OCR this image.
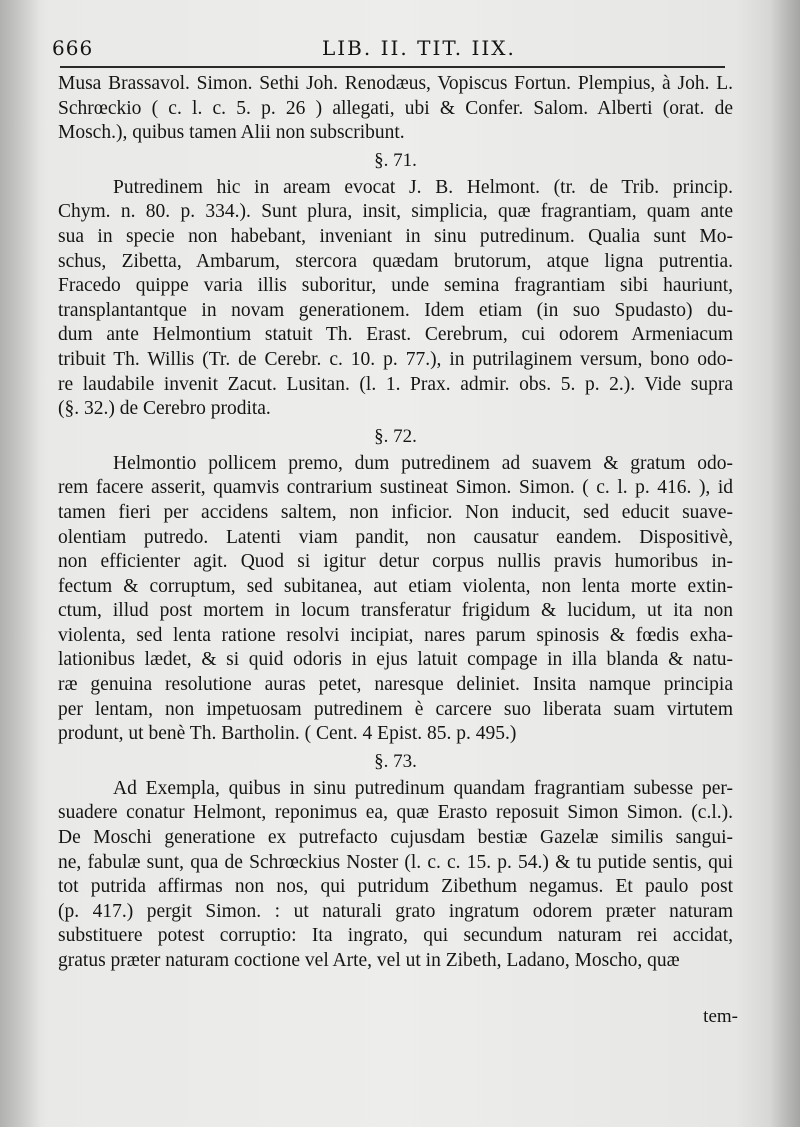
666	LIB. II. TIT. IIX.
Musa Brassavol. Simon. Sethi Joh. Renodæus, Vopiscus Fortun. Plempius, à Joh. L.
Schrœckio ( c. l. c. 5. p. 26 ) allegati, ubi & Confer. Salom. Alberti (orat. de
Mosch.), quibus tamen Alii non subscribunt.
§. 71.
Putredinem hic in aream evocat J. B. Helmont. (tr. de Trib. princip.
Chym. n. 80. p. 334.). Sunt plura, insit, simplicia, quæ fragrantiam, quam ante
sua in specie non habebant, inveniant in sinu putredinum. Qualia sunt Mo-
schus, Zibetta, Ambarum, stercora quædam brutorum, atque ligna putrentia.
Fracedo quippe varia illis suboritur, unde semina fragrantiam sibi hauriunt,
transplantantque in novam generationem. Idem etiam (in suo Spudasto) du-
dum ante Helmontium statuit Th. Erast. Cerebrum, cui odorem Armeniacum
tribuit Th. Willis (Tr. de Cerebr. c. 10. p. 77.), in putrilaginem versum, bono odo-
re laudabile invenit Zacut. Lusitan. (l. 1. Prax. admir. obs. 5. p. 2.). Vide supra
(§. 32.) de Cerebro prodita.
§. 72.
Helmontio pollicem premo, dum putredinem ad suavem & gratum odo-
rem facere asserit, quamvis contrarium sustineat Simon. Simon. ( c. l. p. 416. ), id
tamen fieri per accidens saltem, non inficior. Non inducit, sed educit suave-
olentiam putredo. Latenti viam pandit, non causatur eandem. Dispositivè,
non efficienter agit. Quod si igitur detur corpus nullis pravis humoribus in-
fectum & corruptum, sed subitanea, aut etiam violenta, non lenta morte extin-
ctum, illud post mortem in locum transferatur frigidum & lucidum, ut ita non
violenta, sed lenta ratione resolvi incipiat, nares parum spinosis & fœdis exha-
lationibus lædet, & si quid odoris in ejus latuit compage in illa blanda & natu-
ræ genuina resolutione auras petet, naresque deliniet. Insita namque principia
per lentam, non impetuosam putredinem è carcere suo liberata suam virtutem
produnt, ut benè Th. Bartholin. ( Cent. 4 Epist. 85. p. 495.)
§. 73.
Ad Exempla, quibus in sinu putredinum quandam fragrantiam subesse per-
suadere conatur Helmont, reponimus ea, quæ Erasto reposuit Simon Simon. (c.l.).
De Moschi generatione ex putrefacto cujusdam bestiæ Gazelæ similis sangui-
ne, fabulæ sunt, qua de Schrœckius Noster (l. c. c. 15. p. 54.) & tu putide sentis, qui
tot putrida affirmas non nos, qui putridum Zibethum negamus. Et paulo post
(p. 417.) pergit Simon. : ut naturali grato ingratum odorem præter naturam
substituere potest corruptio: Ita ingrato, qui secundum naturam rei accidat,
gratus præter naturam coctione vel Arte, vel ut in Zibeth, Ladano, Moscho, quæ
tem-
